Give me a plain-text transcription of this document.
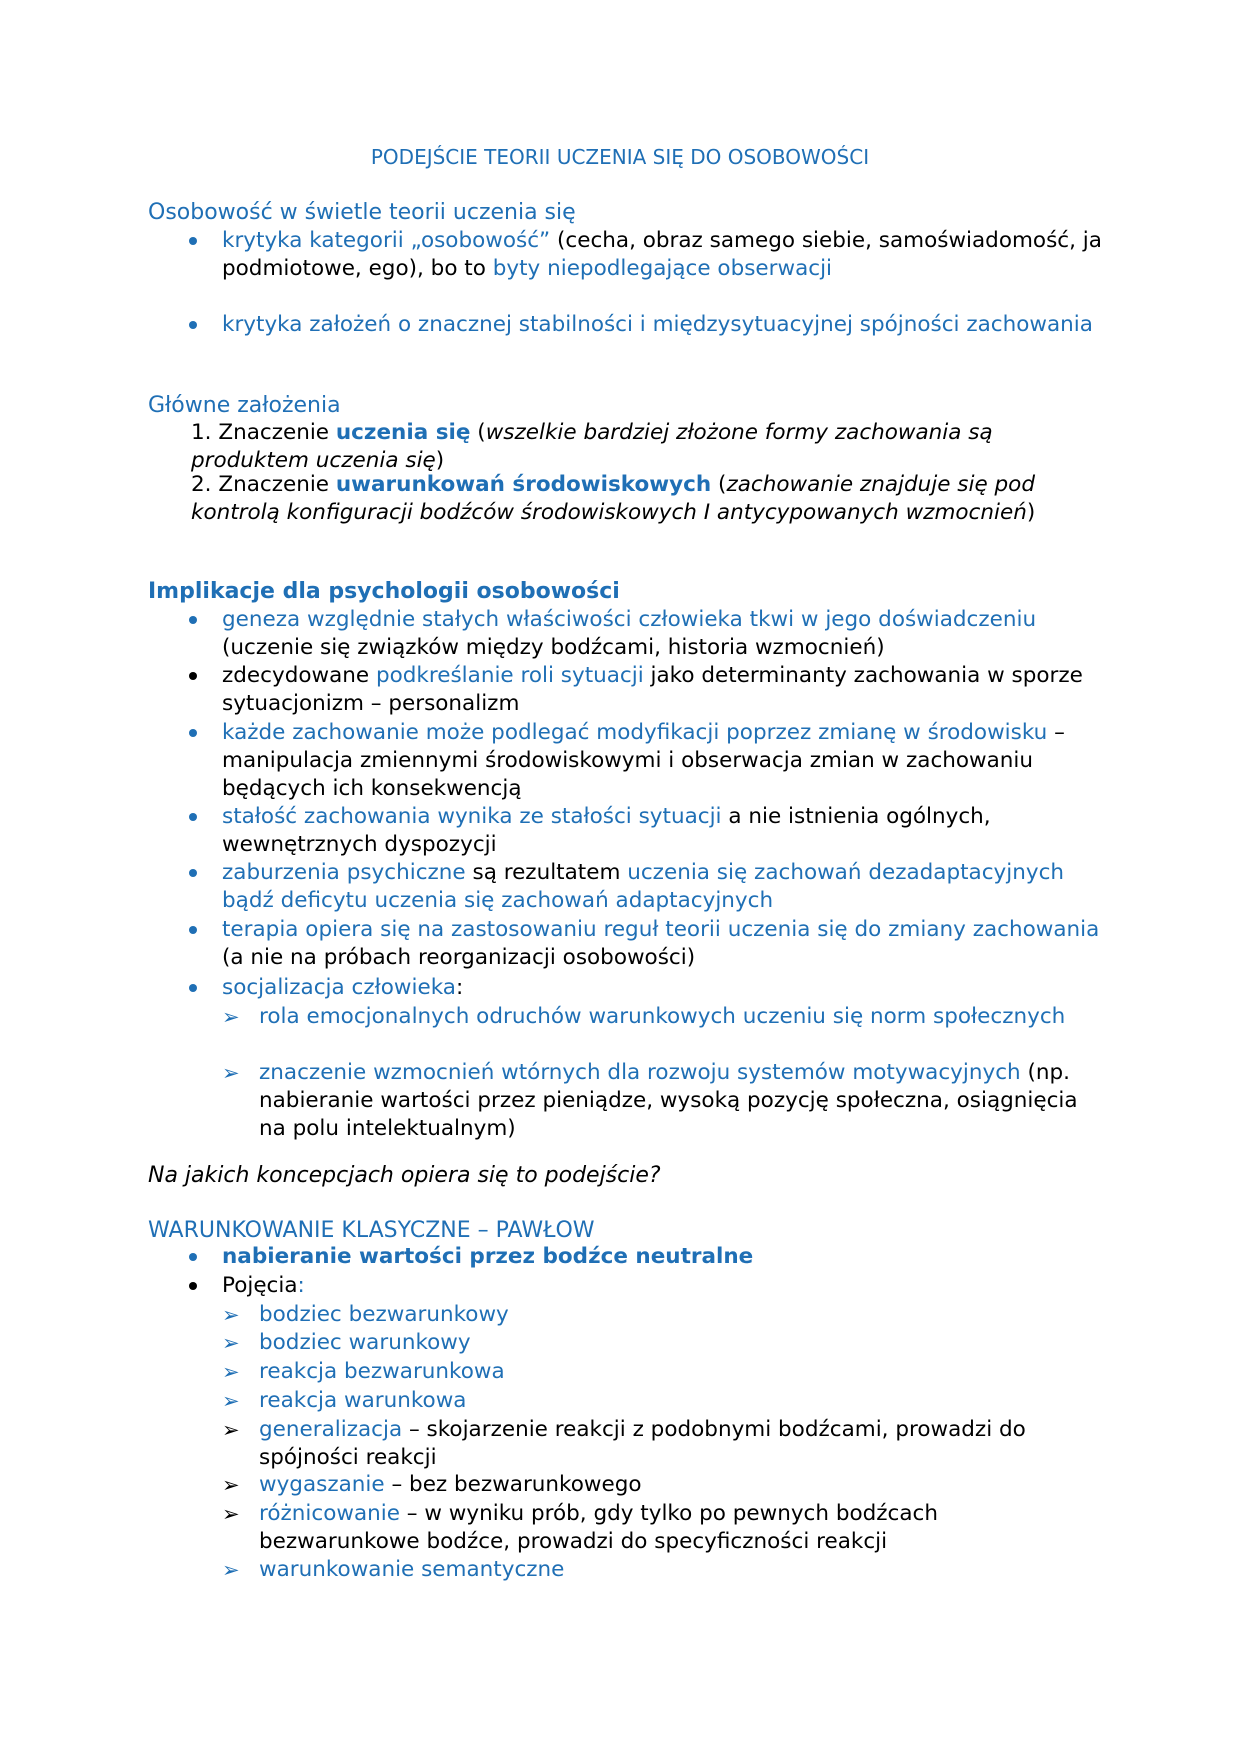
PODEJŚCIE TEORII UCZENIA SIĘ DO OSOBOWOŚCI
Osobowość w świetle teorii uczenia się
krytyka kategorii „osobowość” (cecha, obraz samego siebie, samoświadomość, ja podmiotowe, ego), bo to byty niepodlegające obserwacji
krytyka założeń o znacznej stabilności i międzysytuacyjnej spójności zachowania
Główne założenia
1. Znaczenie uczenia się (wszelkie bardziej złożone formy zachowania są produktem uczenia się)
2. Znaczenie uwarunkowań środowiskowych (zachowanie znajduje się pod kontrolą konfiguracji bodźców środowiskowych I antycypowanych wzmocnień)
Implikacje dla psychologii osobowości
geneza względnie stałych właściwości człowieka tkwi w jego doświadczeniu (uczenie się związków między bodźcami, historia wzmocnień)
zdecydowane podkreślanie roli sytuacji jako determinanty zachowania w sporze sytuacjonizm – personalizm
każde zachowanie może podlegać modyfikacji poprzez zmianę w środowisku – manipulacja zmiennymi środowiskowymi i obserwacja zmian w zachowaniu będących ich konsekwencją
stałość zachowania wynika ze stałości sytuacji a nie istnienia ogólnych, wewnętrznych dyspozycji
zaburzenia psychiczne są rezultatem uczenia się zachowań dezadaptacyjnych bądź deficytu uczenia się zachowań adaptacyjnych
terapia opiera się na zastosowaniu reguł teorii uczenia się do zmiany zachowania (a nie na próbach reorganizacji osobowości)
socjalizacja człowieka:
➢ rola emocjonalnych odruchów warunkowych uczeniu się norm społecznych
➢ znaczenie wzmocnień wtórnych dla rozwoju systemów motywacyjnych (np. nabieranie wartości przez pieniądze, wysoką pozycję społeczna, osiągnięcia na polu intelektualnym)
Na jakich koncepcjach opiera się to podejście?
WARUNKOWANIE KLASYCZNE – PAWŁOW
nabieranie wartości przez bodźce neutralne
Pojęcia:
➢ bodziec bezwarunkowy
➢ bodziec warunkowy
➢ reakcja bezwarunkowa
➢ reakcja warunkowa
➢ generalizacja – skojarzenie reakcji z podobnymi bodźcami, prowadzi do spójności reakcji
➢ wygaszanie – bez bezwarunkowego
➢ różnicowanie – w wyniku prób, gdy tylko po pewnych bodźcach bezwarunkowe bodźce, prowadzi do specyficzności reakcji
➢ warunkowanie semantyczne
